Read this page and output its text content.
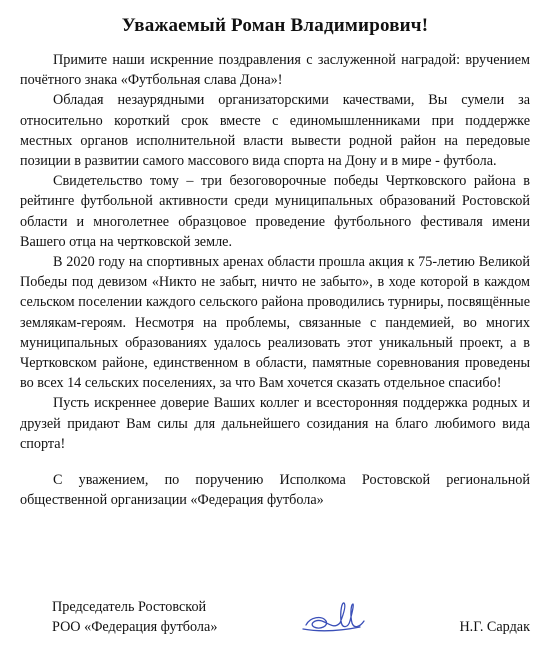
Уважаемый Роман Владимирович!

Примите наши искренние поздравления с заслуженной наградой: вручением почётного знака «Футбольная слава Дона»!

Обладая незаурядными организаторскими качествами, Вы сумели за относительно короткий срок вместе с единомышленниками при поддержке местных органов исполнительной власти вывести родной район на передовые позиции в развитии самого массового вида спорта на Дону и в мире - футбола.

Свидетельство тому – три безоговорочные победы Чертковского района в рейтинге футбольной активности среди муниципальных образований Ростовской области и многолетнее образцовое проведение футбольного фестиваля имени Вашего отца на чертковской земле.

В 2020 году на спортивных аренах области прошла акция к 75-летию Великой Победы под девизом «Никто не забыт, ничто не забыто», в ходе которой в каждом сельском поселении каждого сельского района проводились турниры, посвящённые землякам-героям. Несмотря на проблемы, связанные с пандемией, во многих муниципальных образованиях удалось реализовать этот уникальный проект, а в Чертковском районе, единственном в области, памятные соревнования проведены во всех 14 сельских поселениях, за что Вам хочется сказать отдельное спасибо!

Пусть искреннее доверие Ваших коллег и всесторонняя поддержка родных и друзей придают Вам силы для дальнейшего созидания на благо любимого вида спорта!

С уважением, по поручению Исполкома Ростовской региональной общественной организации «Федерация футбола»

Председатель Ростовской
РОО «Федерация футбола»	Н.Г. Сардак
